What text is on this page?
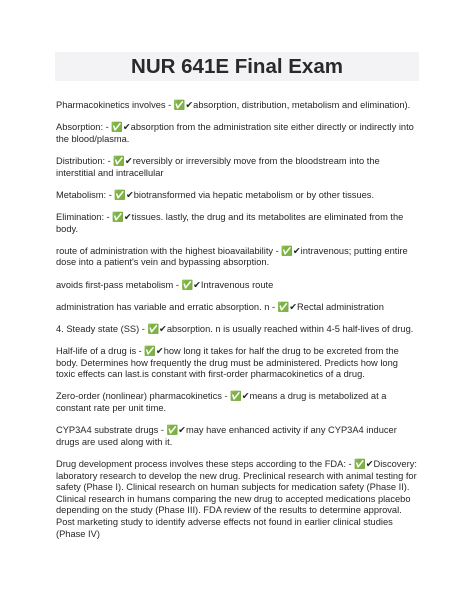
NUR 641E Final Exam
Pharmacokinetics involves - ✅✔absorption, distribution, metabolism and elimination).
Absorption: - ✅✔absorption from the administration site either directly or indirectly into
the blood/plasma.
Distribution: - ✅✔reversibly or irreversibly move from the bloodstream into the
interstitial and intracellular
Metabolism: - ✅✔biotransformed via hepatic metabolism or by other tissues.
Elimination: - ✅✔tissues. lastly, the drug and its metabolites are eliminated from the
body.
route of administration with the highest bioavailability - ✅✔intravenous; putting entire
dose into a patient's vein and bypassing absorption.
avoids first-pass metabolism - ✅✔Intravenous route
administration has variable and erratic absorption. n - ✅✔Rectal administration
4. Steady state (SS) - ✅✔absorption. n is usually reached within 4-5 half-lives of drug.
Half-life of a drug is - ✅✔how long it takes for half the drug to be excreted from the
body. Determines how frequently the drug must be administered. Predicts how long
toxic effects can last.is constant with first-order pharmacokinetics of a drug.
Zero-order (nonlinear) pharmacokinetics - ✅✔means a drug is metabolized at a
constant rate per unit time.
CYP3A4 substrate drugs - ✅✔may have enhanced activity if any CYP3A4 inducer
drugs are used along with it.
Drug development process involves these steps according to the FDA: - ✅✔Discovery:
laboratory research to develop the new drug. Preclinical research with animal testing for
safety (Phase I). Clinical research on human subjects for medication safety (Phase II).
Clinical research in humans comparing the new drug to accepted medications placebo
depending on the study (Phase III). FDA review of the results to determine approval.
Post marketing study to identify adverse effects not found in earlier clinical studies
(Phase IV)
